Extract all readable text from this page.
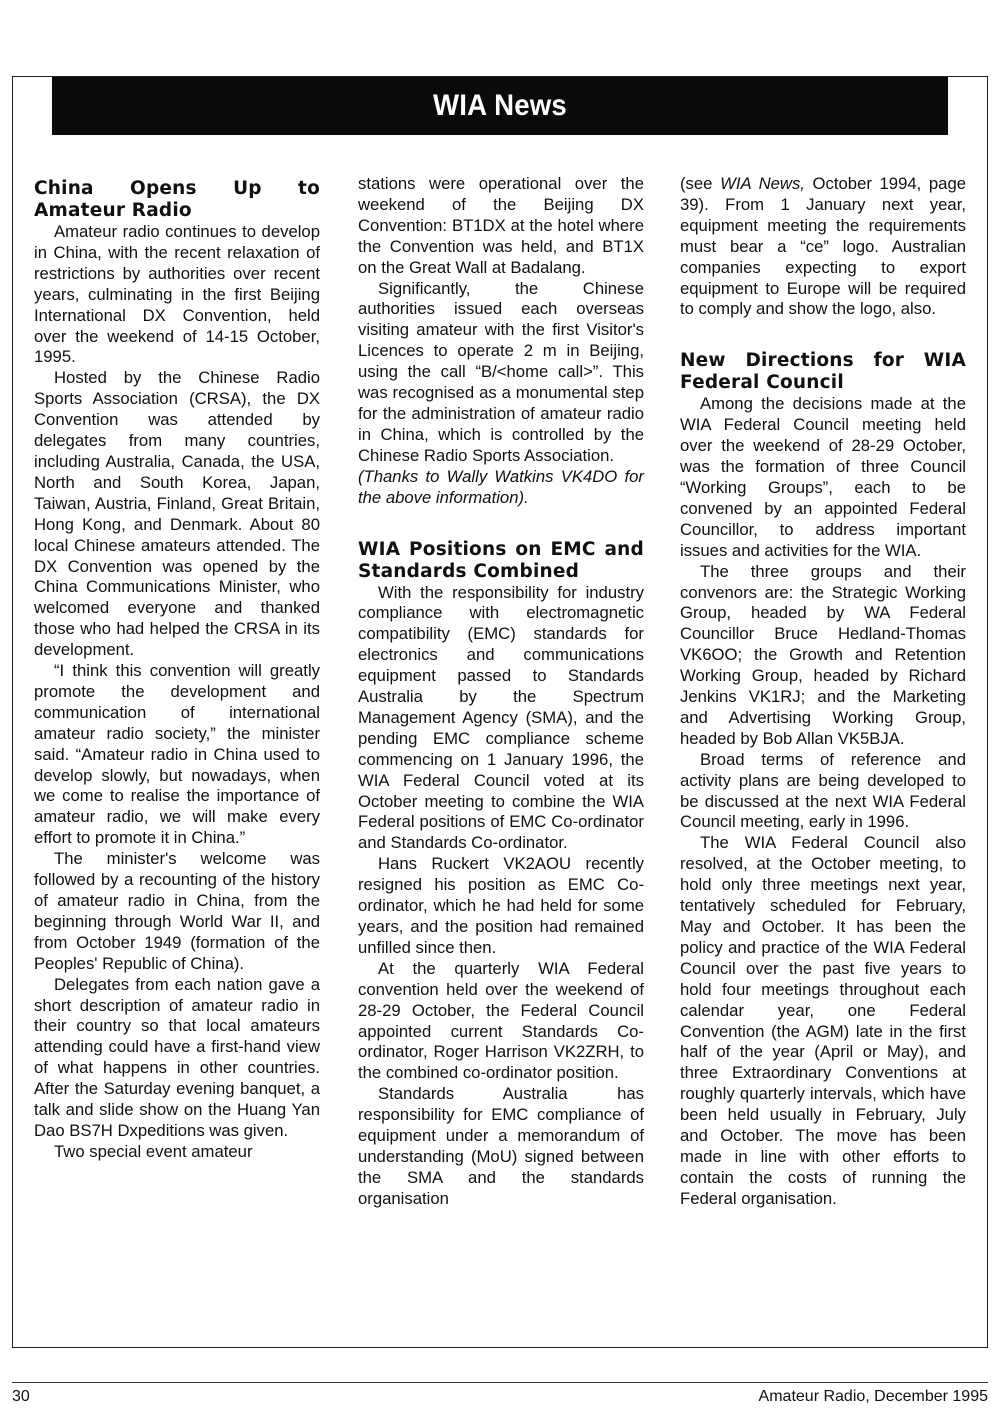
WIA News
China Opens Up to Amateur Radio

Amateur radio continues to develop in China, with the recent relaxation of restrictions by authorities over recent years, culminating in the first Beijing International DX Convention, held over the weekend of 14-15 October, 1995.

Hosted by the Chinese Radio Sports Association (CRSA), the DX Convention was attended by delegates from many countries, including Australia, Canada, the USA, North and South Korea, Japan, Taiwan, Austria, Finland, Great Britain, Hong Kong, and Denmark. About 80 local Chinese amateurs attended. The DX Convention was opened by the China Communications Minister, who welcomed everyone and thanked those who had helped the CRSA in its development.

“I think this convention will greatly promote the development and communication of international amateur radio society,” the minister said. “Amateur radio in China used to develop slowly, but nowadays, when we come to realise the importance of amateur radio, we will make every effort to promote it in China.”

The minister's welcome was followed by a recounting of the history of amateur radio in China, from the beginning through World War II, and from October 1949 (formation of the Peoples' Republic of China).

Delegates from each nation gave a short description of amateur radio in their country so that local amateurs attending could have a first-hand view of what happens in other countries. After the Saturday evening banquet, a talk and slide show on the Huang Yan Dao BS7H Dxpeditions was given.

Two special event amateur

stations were operational over the weekend of the Beijing DX Convention: BT1DX at the hotel where the Convention was held, and BT1X on the Great Wall at Badalang.

Significantly, the Chinese authorities issued each overseas visiting amateur with the first Visitor's Licences to operate 2 m in Beijing, using the call “B/<home call>”. This was recognised as a monumental step for the administration of amateur radio in China, which is controlled by the Chinese Radio Sports Association.

(Thanks to Wally Watkins VK4DO for the above information).

WIA Positions on EMC and Standards Combined

With the responsibility for industry compliance with electromagnetic compatibility (EMC) standards for electronics and communications equipment passed to Standards Australia by the Spectrum Management Agency (SMA), and the pending EMC compliance scheme commencing on 1 January 1996, the WIA Federal Council voted at its October meeting to combine the WIA Federal positions of EMC Co-ordinator and Standards Co-ordinator.

Hans Ruckert VK2AOU recently resigned his position as EMC Co-ordinator, which he had held for some years, and the position had remained unfilled since then.

At the quarterly WIA Federal convention held over the weekend of 28-29 October, the Federal Council appointed current Standards Co-ordinator, Roger Harrison VK2ZRH, to the combined co-ordinator position.

Standards Australia has responsibility for EMC compliance of equipment under a memorandum of understanding (MoU) signed between the SMA and the standards organisation

(see WIA News, October 1994, page 39). From 1 January next year, equipment meeting the requirements must bear a “ce” logo. Australian companies expecting to export equipment to Europe will be required to comply and show the logo, also.

New Directions for WIA Federal Council

Among the decisions made at the WIA Federal Council meeting held over the weekend of 28-29 October, was the formation of three Council “Working Groups”, each to be convened by an appointed Federal Councillor, to address important issues and activities for the WIA.

The three groups and their convenors are: the Strategic Working Group, headed by WA Federal Councillor Bruce Hedland-Thomas VK6OO; the Growth and Retention Working Group, headed by Richard Jenkins VK1RJ; and the Marketing and Advertising Working Group, headed by Bob Allan VK5BJA.

Broad terms of reference and activity plans are being developed to be discussed at the next WIA Federal Council meeting, early in 1996.

The WIA Federal Council also resolved, at the October meeting, to hold only three meetings next year, tentatively scheduled for February, May and October. It has been the policy and practice of the WIA Federal Council over the past five years to hold four meetings throughout each calendar year, one Federal Convention (the AGM) late in the first half of the year (April or May), and three Extraordinary Conventions at roughly quarterly intervals, which have been held usually in February, July and October. The move has been made in line with other efforts to contain the costs of running the Federal organisation.

30	Amateur Radio, December 1995
